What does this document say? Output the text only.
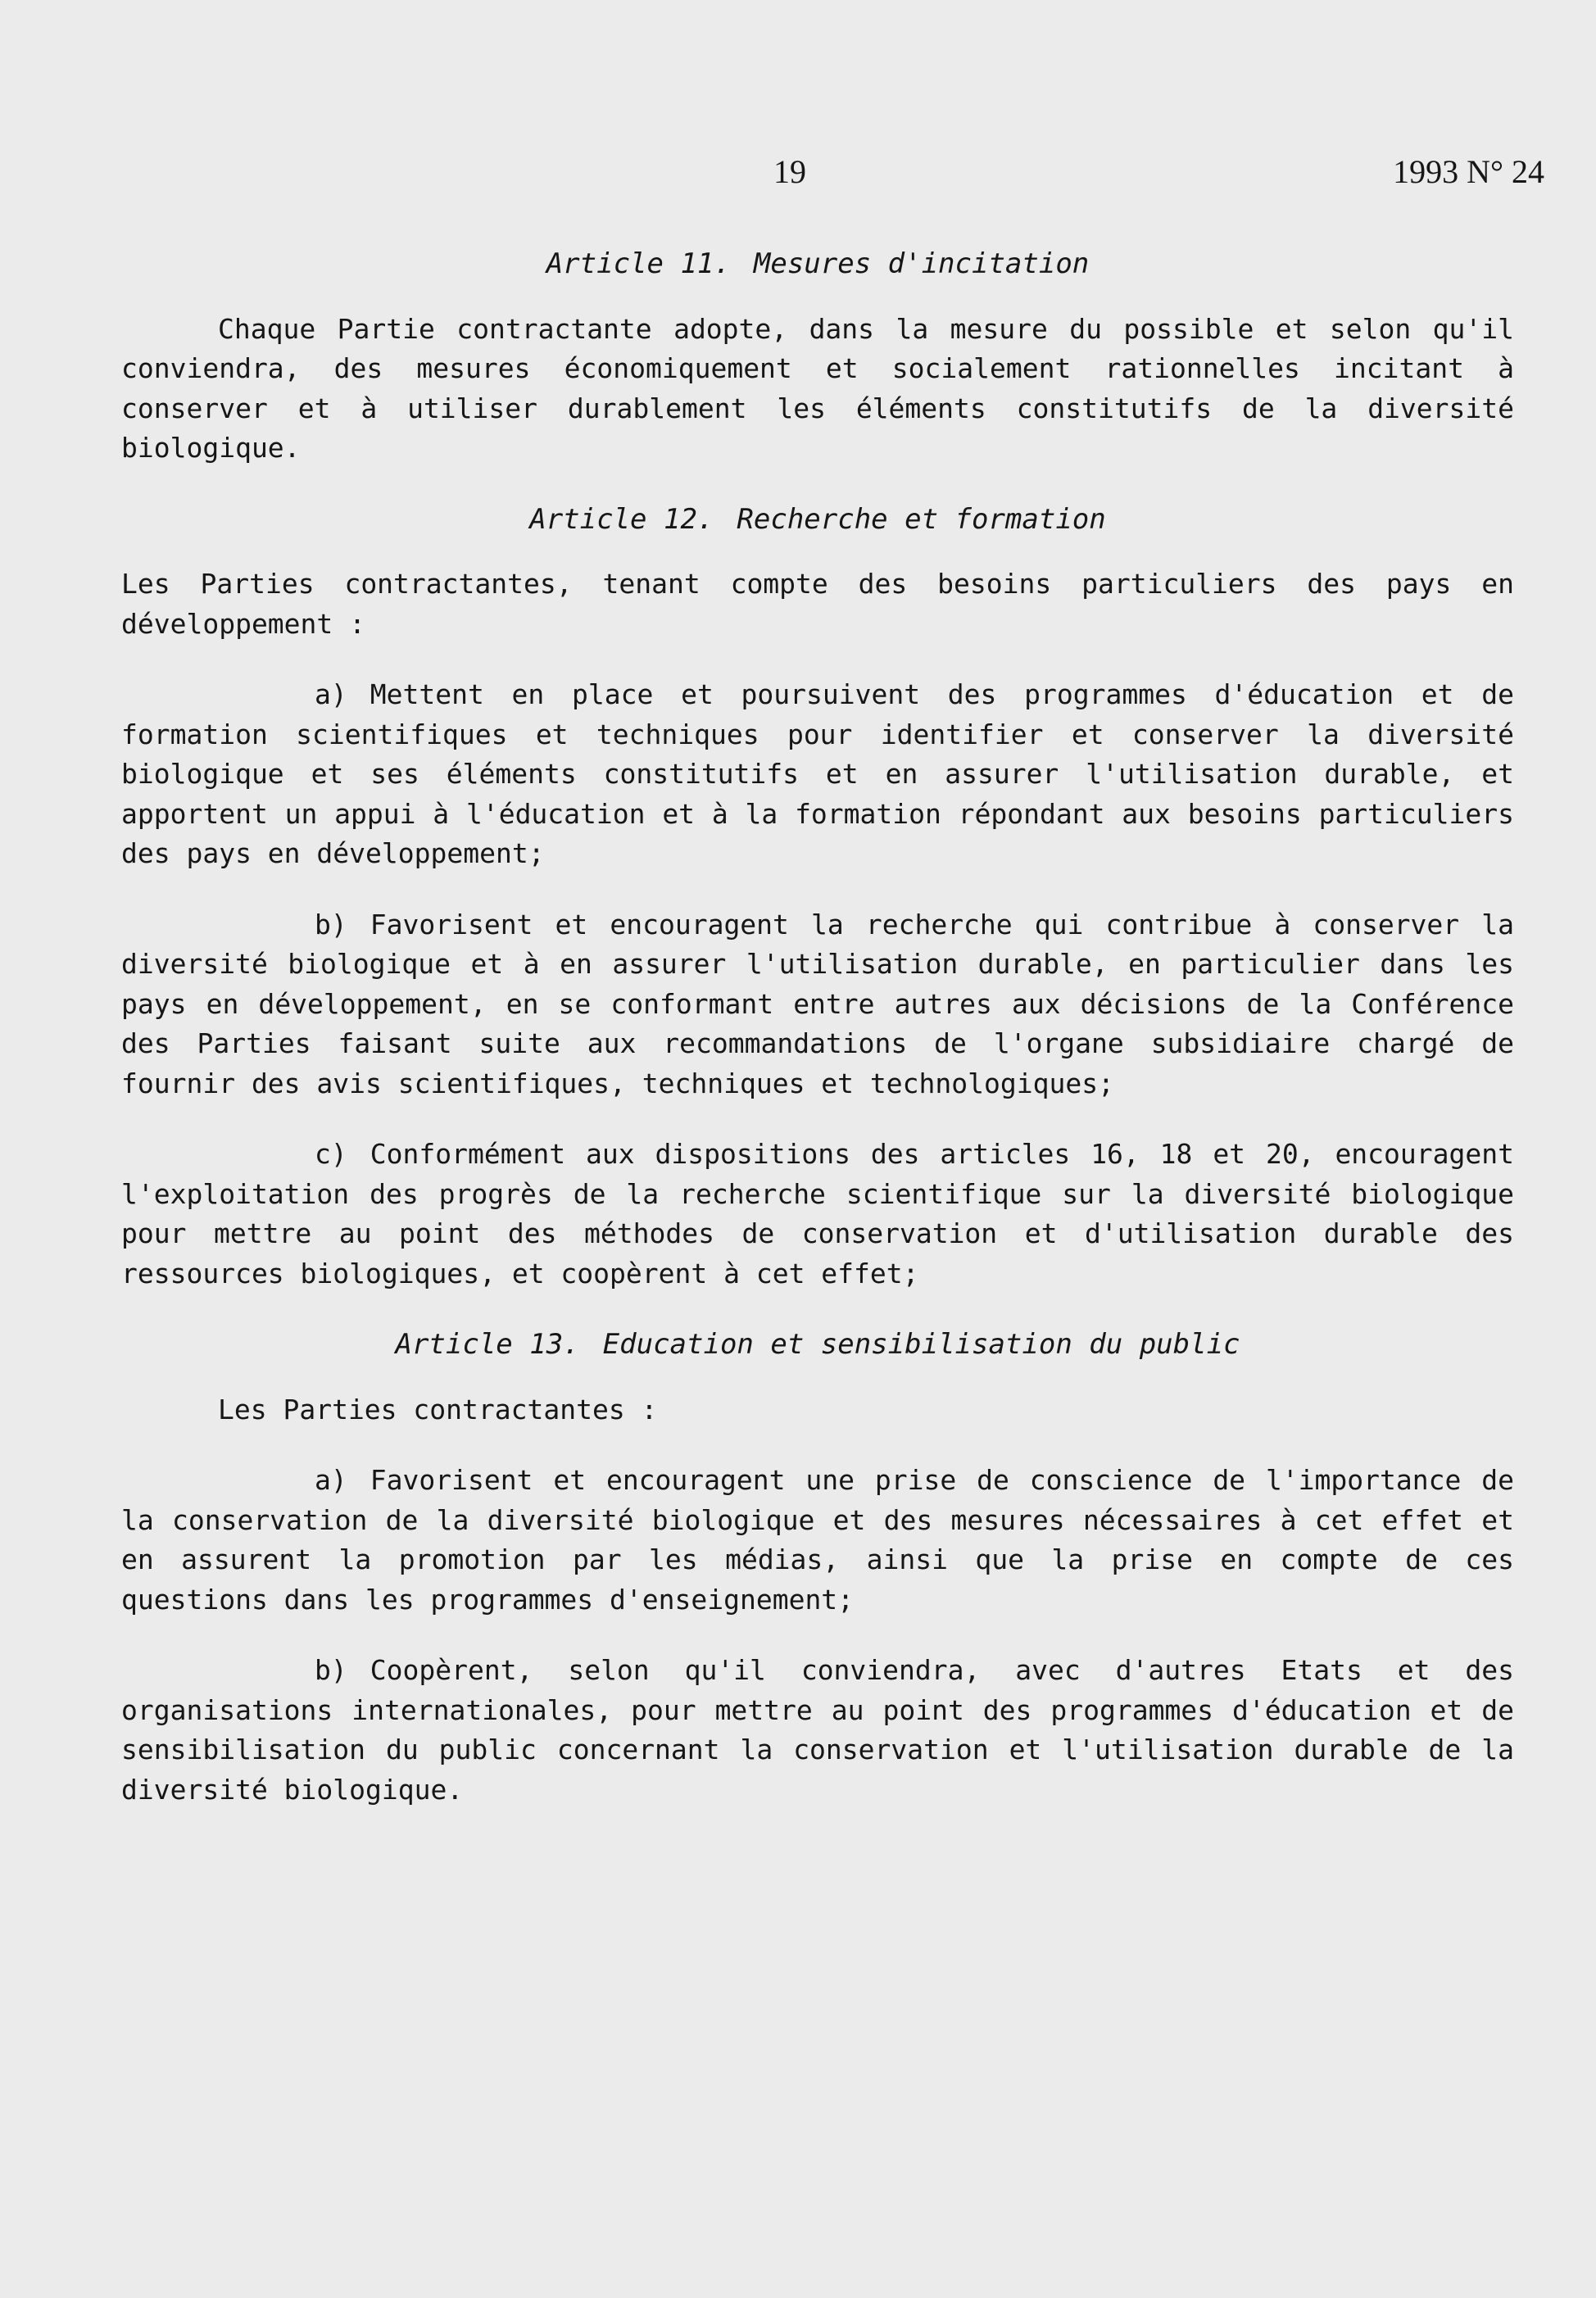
19	1993 N° 24
Article 11. Mesures d'incitation

Chaque Partie contractante adopte, dans la mesure du possible et selon qu'il conviendra, des mesures économiquement et socialement rationnelles incitant à conserver et à utiliser durablement les éléments constitutifs de la diversité biologique.

Article 12. Recherche et formation

Les Parties contractantes, tenant compte des besoins particuliers des pays en développement :

a) Mettent en place et poursuivent des programmes d'éducation et de formation scientifiques et techniques pour identifier et conserver la diversité biologique et ses éléments constitutifs et en assurer l'utilisation durable, et apportent un appui à l'éducation et à la formation répondant aux besoins particuliers des pays en développement;

b) Favorisent et encouragent la recherche qui contribue à conserver la diversité biologique et à en assurer l'utilisation durable, en particulier dans les pays en développement, en se conformant entre autres aux décisions de la Conférence des Parties faisant suite aux recommandations de l'organe subsidiaire chargé de fournir des avis scientifiques, techniques et technologiques;

c) Conformément aux dispositions des articles 16, 18 et 20, encouragent l'exploitation des progrès de la recherche scientifique sur la diversité biologique pour mettre au point des méthodes de conservation et d'utilisation durable des ressources biologiques, et coopèrent à cet effet;

Article 13. Education et sensibilisation du public

Les Parties contractantes :

a) Favorisent et encouragent une prise de conscience de l'importance de la conservation de la diversité biologique et des mesures nécessaires à cet effet et en assurent la promotion par les médias, ainsi que la prise en compte de ces questions dans les programmes d'enseignement;

b) Coopèrent, selon qu'il conviendra, avec d'autres Etats et des organisations internationales, pour mettre au point des programmes d'éducation et de sensibilisation du public concernant la conservation et l'utilisation durable de la diversité biologique.
